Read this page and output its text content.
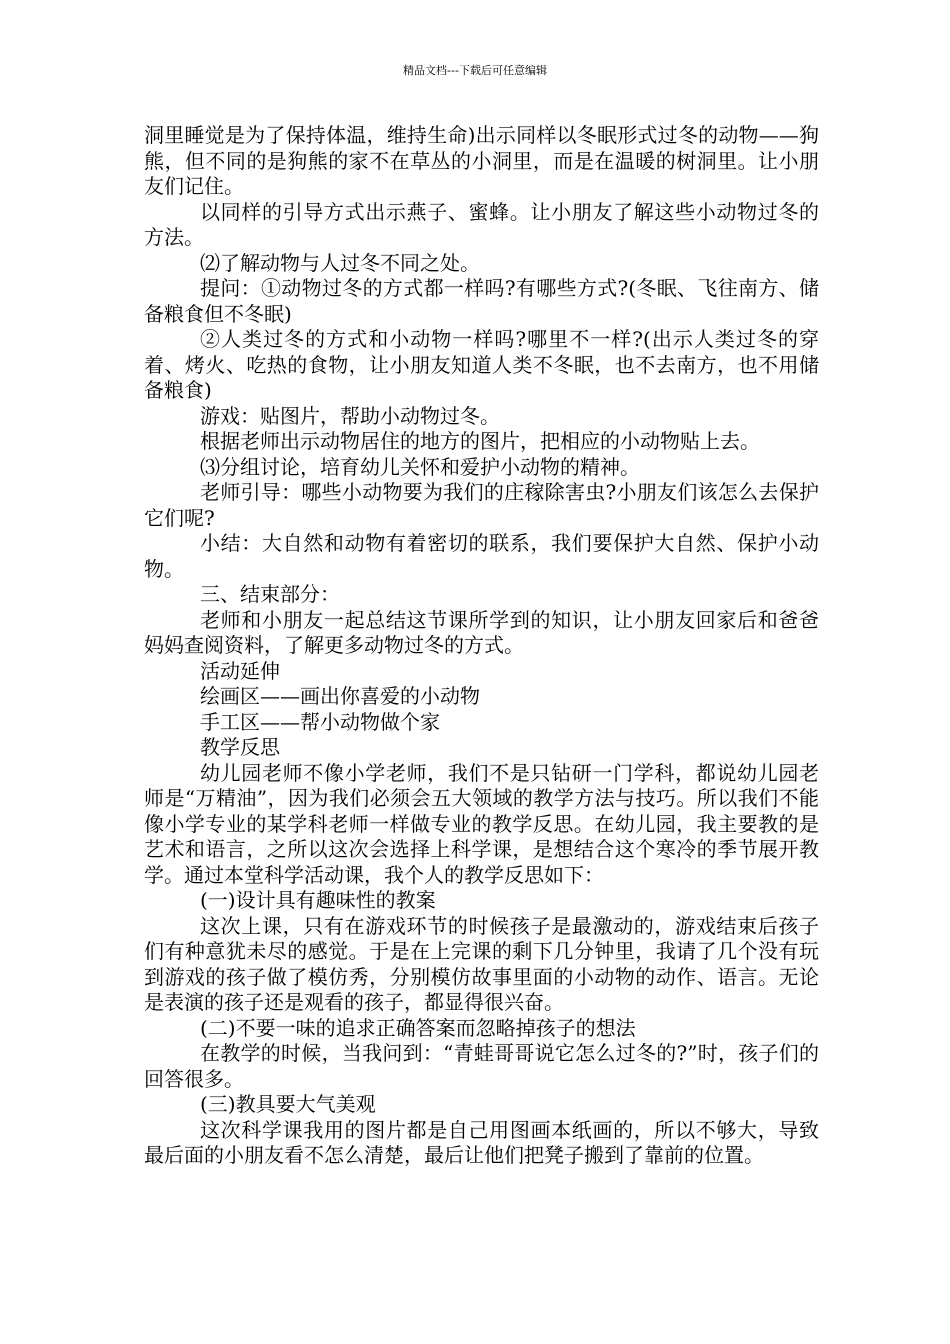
精品文档---下载后可任意编辑

洞里睡觉是为了保持体温，维持生命)出示同样以冬眠形式过冬的动物——狗熊，但不同的是狗熊的家不在草丛的小洞里，而是在温暖的树洞里。让小朋友们记住。

以同样的引导方式出示燕子、蜜蜂。让小朋友了解这些小动物过冬的方法。

⑵了解动物与人过冬不同之处。

提问：①动物过冬的方式都一样吗?有哪些方式?(冬眠、飞往南方、储备粮食但不冬眠)

②人类过冬的方式和小动物一样吗?哪里不一样?(出示人类过冬的穿着、烤火、吃热的食物，让小朋友知道人类不冬眠，也不去南方，也不用储备粮食)

游戏：贴图片，帮助小动物过冬。

根据老师出示动物居住的地方的图片，把相应的小动物贴上去。

⑶分组讨论，培育幼儿关怀和爱护小动物的精神。

老师引导：哪些小动物要为我们的庄稼除害虫?小朋友们该怎么去保护它们呢?

小结：大自然和动物有着密切的联系，我们要保护大自然、保护小动物。

三、结束部分：

老师和小朋友一起总结这节课所学到的知识，让小朋友回家后和爸爸妈妈查阅资料，了解更多动物过冬的方式。

活动延伸

绘画区——画出你喜爱的小动物

手工区——帮小动物做个家

教学反思

幼儿园老师不像小学老师，我们不是只钻研一门学科，都说幼儿园老师是“万精油”，因为我们必须会五大领域的教学方法与技巧。所以我们不能像小学专业的某学科老师一样做专业的教学反思。在幼儿园，我主要教的是艺术和语言，之所以这次会选择上科学课，是想结合这个寒冷的季节展开教学。通过本堂科学活动课，我个人的教学反思如下：

(一)设计具有趣味性的教案

这次上课，只有在游戏环节的时候孩子是最激动的，游戏结束后孩子们有种意犹未尽的感觉。于是在上完课的剩下几分钟里，我请了几个没有玩到游戏的孩子做了模仿秀，分别模仿故事里面的小动物的动作、语言。无论是表演的孩子还是观看的孩子，都显得很兴奋。

(二)不要一味的追求正确答案而忽略掉孩子的想法

在教学的时候，当我问到：“青蛙哥哥说它怎么过冬的?”时，孩子们的回答很多。

(三)教具要大气美观

这次科学课我用的图片都是自己用图画本纸画的，所以不够大，导致最后面的小朋友看不怎么清楚，最后让他们把凳子搬到了靠前的位置。
